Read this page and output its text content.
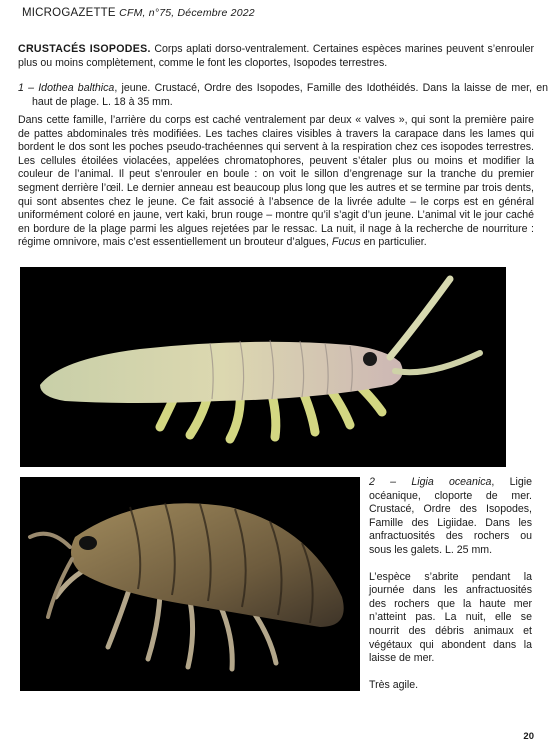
MICROGAZETTE CFM, n°75, Décembre 2022

CRUSTACÉS ISOPODES. Corps aplati dorso-ventralement. Certaines espèces marines peuvent s’enrouler plus ou moins complètement, comme le font les cloportes, Isopodes terrestres.

1 – Idothea balthica, jeune. Crustacé, Ordre des Isopodes, Famille des Idothéidés. Dans la laisse de mer, en haut de plage. L. 18 à 35 mm.

Dans cette famille, l’arrière du corps est caché ventralement par deux « valves », qui sont la première paire de pattes abdominales très modifiées. Les taches claires visibles à travers la carapace dans les lames qui bordent le dos sont les poches pseudo-trachéennes qui servent à la respiration chez ces isopodes terrestres. Les cellules étoilées violacées, appelées chromatophores, peuvent s’étaler plus ou moins et modifier la couleur de l’animal. Il peut s’enrouler en boule : on voit le sillon d’engrenage sur la tranche du premier segment derrière l’œil. Le dernier anneau est beaucoup plus long que les autres et se termine par trois dents, qui sont absentes chez le jeune. Ce fait associé à l’absence de la livrée adulte – le corps est en général uniformément coloré en jaune, vert kaki, brun rouge – montre qu’il s’agit d’un jeune. L’animal vit le jour caché en bordure de la plage parmi les algues rejetées par le ressac. La nuit, il nage à la recherche de nourriture : régime omnivore, mais c’est essentiellement un brouteur d’algues, Fucus en particulier.

2 – Ligia oceanica, Ligie océanique, cloporte de mer. Crustacé, Ordre des Isopodes, Famille des Ligiidae. Dans les anfractuosités des rochers ou sous les galets. L. 25 mm.

L’espèce s’abrite pendant la journée dans les anfractuosités des rochers que la haute mer n’atteint pas. La nuit, elle se nourrit des débris animaux et végétaux qui abondent dans la laisse de mer.

Très agile.

20
